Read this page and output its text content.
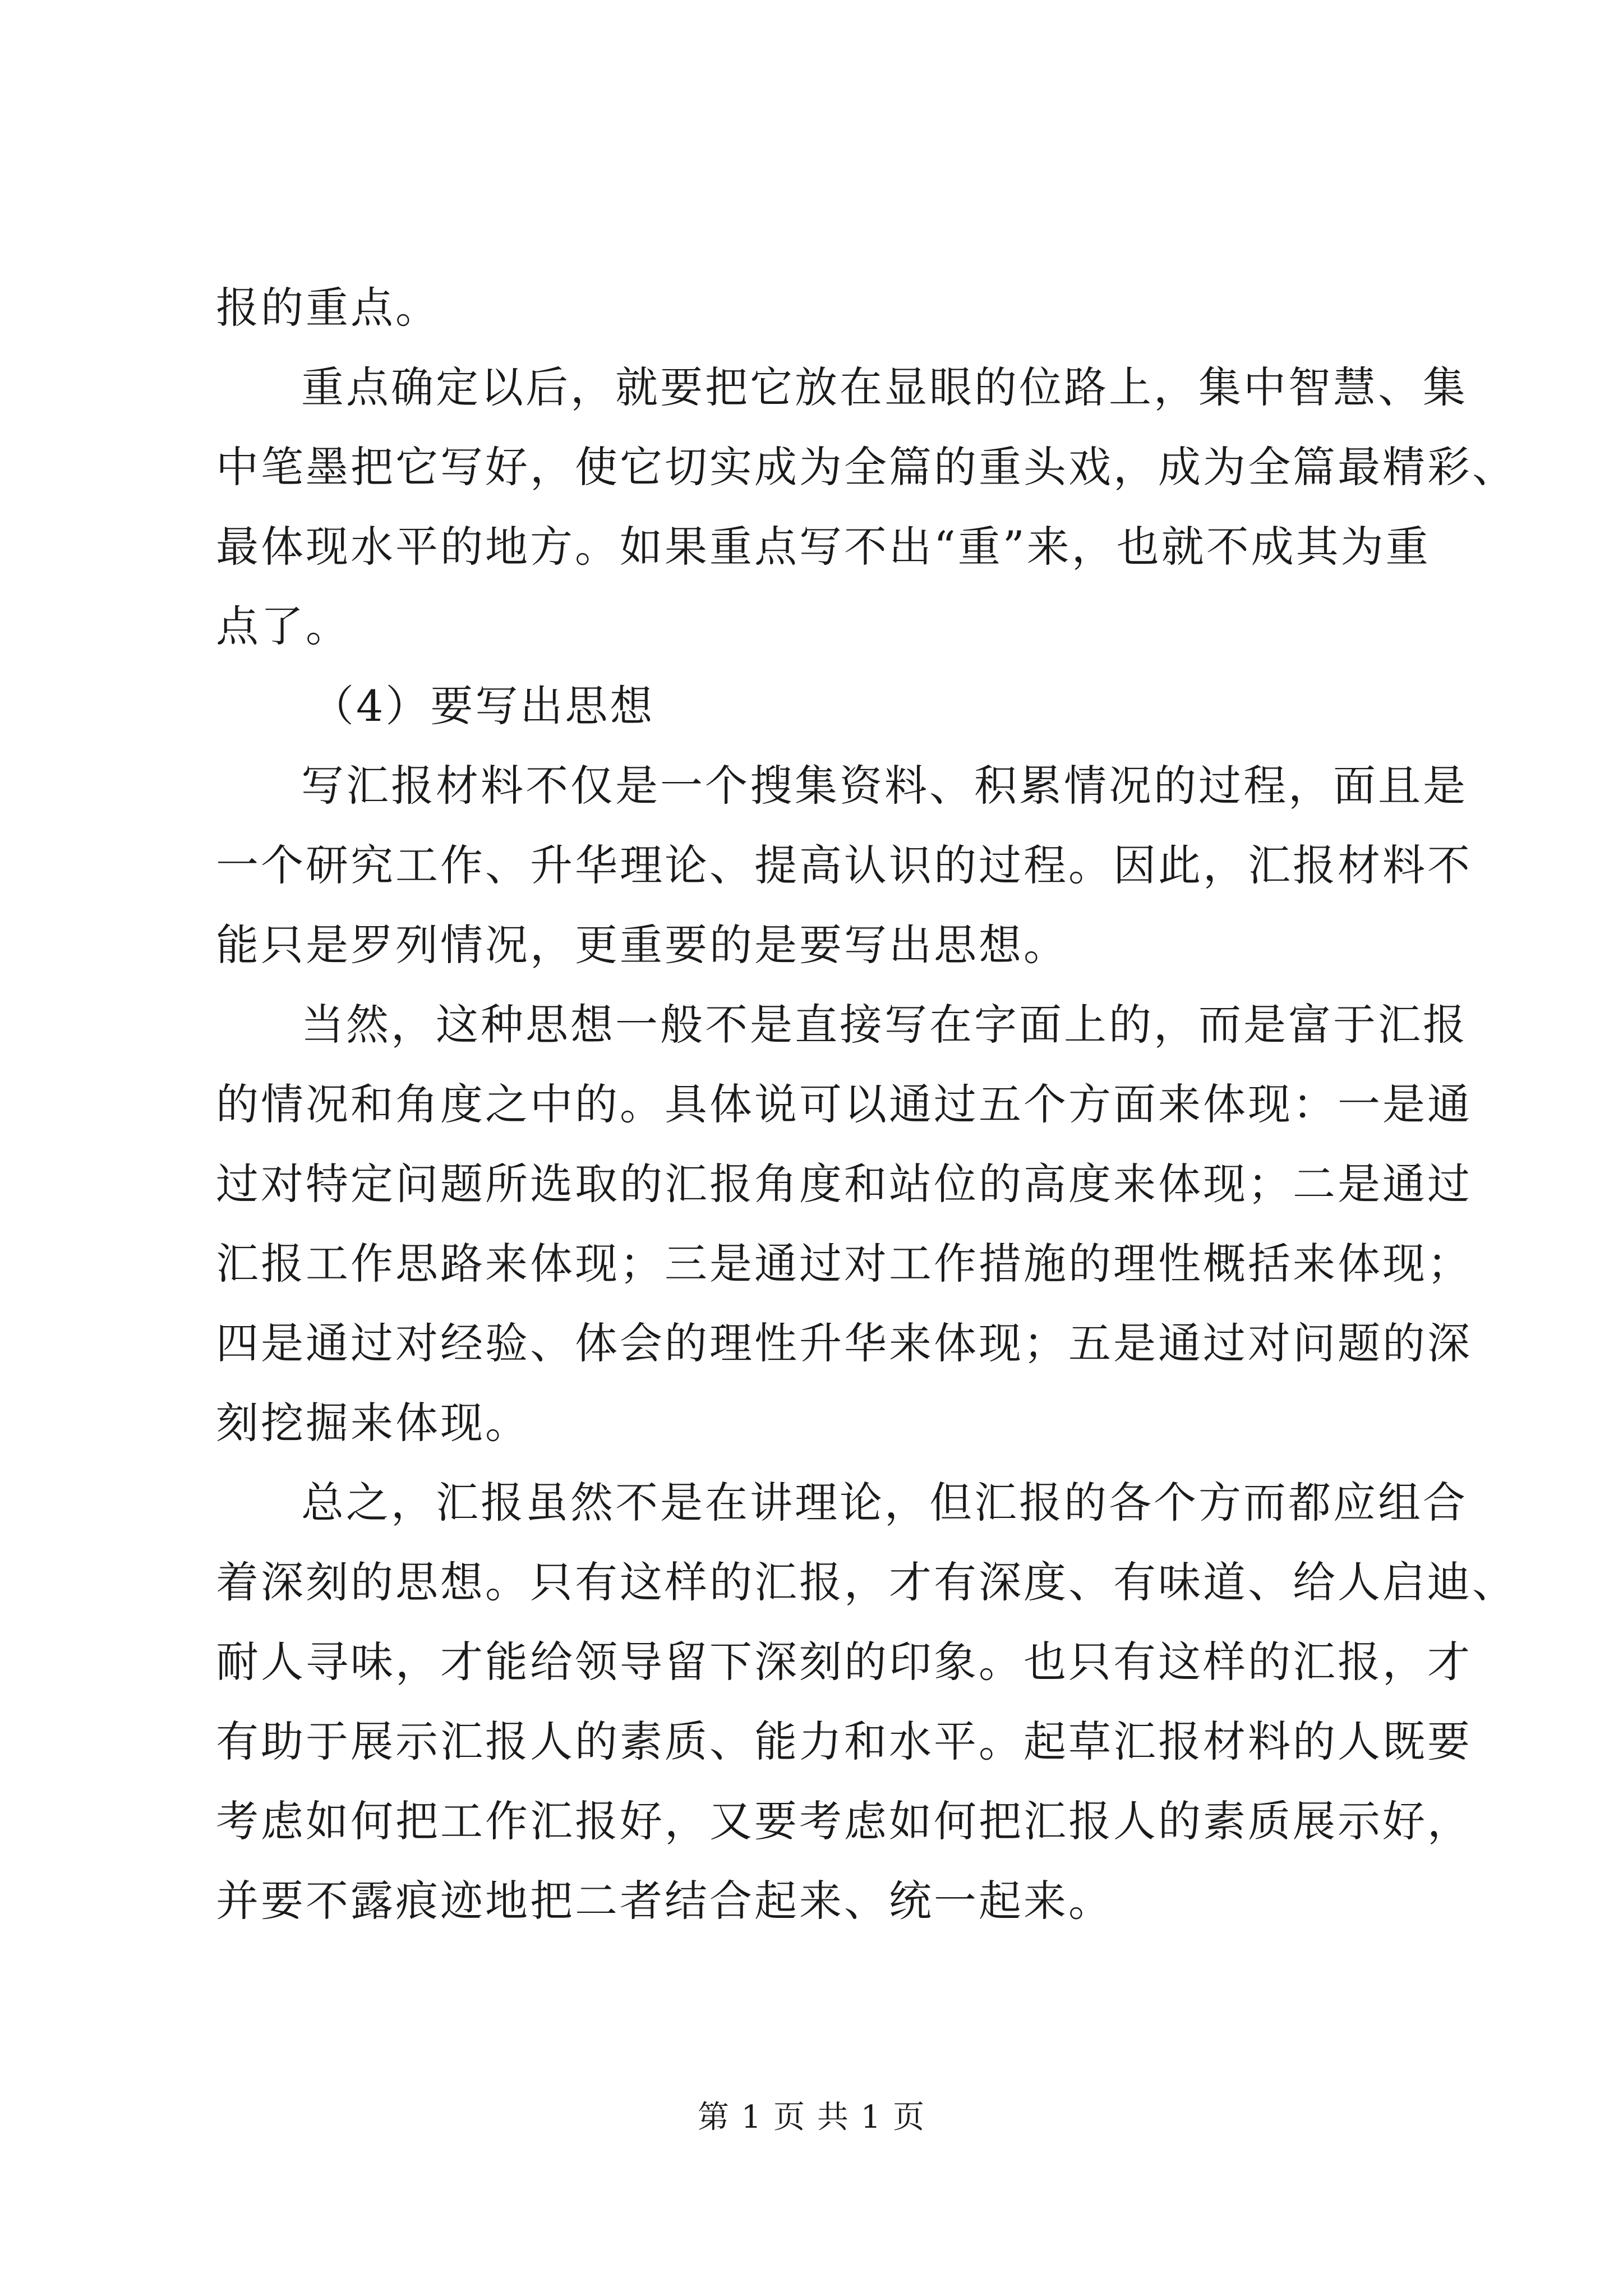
报的重点。
重点确定以后，就要把它放在显眼的位路上，集中智慧、集
中笔墨把它写好，使它切实成为全篇的重头戏，成为全篇最精彩、
最体现水平的地方。如果重点写不出“重”来，也就不成其为重
点了。
（4）要写出思想
写汇报材料不仅是一个搜集资料、积累情况的过程，面且是
一个研究工作、升华理论、提高认识的过程。因此，汇报材料不
能只是罗列情况，更重要的是要写出思想。
当然，这种思想一般不是直接写在字面上的，而是富于汇报
的情况和角度之中的。具体说可以通过五个方面来体现：一是通
过对特定问题所选取的汇报角度和站位的高度来体现；二是通过
汇报工作思路来体现；三是通过对工作措施的理性概括来体现；
四是通过对经验、体会的理性升华来体现；五是通过对问题的深
刻挖掘来体现。
总之，汇报虽然不是在讲理论，但汇报的各个方而都应组合
着深刻的思想。只有这样的汇报，才有深度、有味道、给人启迪、
耐人寻味，才能给领导留下深刻的印象。也只有这样的汇报，才
有助于展示汇报人的素质、能力和水平。起草汇报材料的人既要
考虑如何把工作汇报好，又要考虑如何把汇报人的素质展示好，
并要不露痕迹地把二者结合起来、统一起来。
第 1 页 共 1 页
